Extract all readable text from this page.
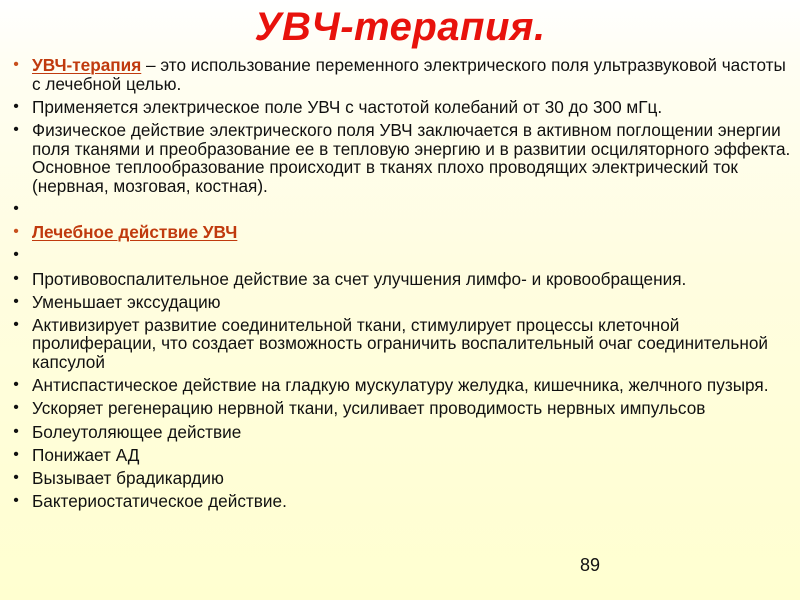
УВЧ-терапия.
• УВЧ-терапия – это использование переменного электрического поля ультразвуковой частоты с лечебной целью.
• Применяется электрическое поле УВЧ с частотой колебаний от 30 до 300 мГц.
• Физическое действие электрического поля УВЧ заключается в активном поглощении энергии поля тканями и преобразование ее в тепловую энергию и в развитии осциляторного эффекта. Основное теплообразование происходит в тканях плохо проводящих электрический ток (нервная, мозговая, костная).
•
• Лечебное действие УВЧ
•
• Противовоспалительное действие за счет улучшения лимфо- и кровообращения.
• Уменьшает экссудацию
• Активизирует развитие соединительной ткани, стимулирует процессы клеточной пролиферации, что создает возможность ограничить воспалительный очаг соединительной капсулой
• Антиспастическое действие на гладкую мускулатуру желудка, кишечника, желчного пузыря.
• Ускоряет регенерацию нервной ткани, усиливает проводимость нервных импульсов
• Болеутоляющее действие
• Понижает АД
• Вызывает брадикардию
• Бактериостатическое действие.
89
